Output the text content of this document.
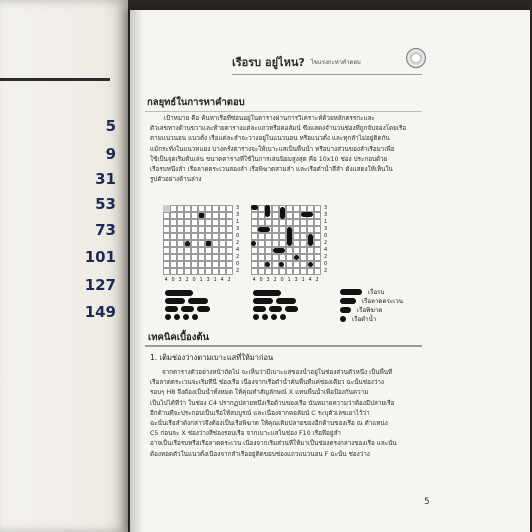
5
9
31
53
73
101
127
149
เรือรบ อยู่ไหน? ไขแรงกะหาคำตอบ
กลยุทธ์ในการหาคำตอบ
เป้าหมาย คือ ค้นหาเรือที่ซ่อนอยู่ในตารางผ่านการวิเคราะห์ด้วยหลักตรรกะและ
ตัวเลขทางด้านขวาและท้ายตารางแต่ละแถวหรือคอลัมน์ ซึ่งแสดงจำนวนช่องที่ถูกจับจองโดยเรือ
ตามแนวนอน แนวตั้ง เรือแต่ละลำจะวางอยู่ในแนวนอน หรือแนวตั้ง และทุกลำไม่อยู่ติดกัน
แม้กระทั่งในแนวทแยง บางครั้งตารางจะให้เบาะแสเป็นพื้นน้ำ หรือบางส่วนของลำเรือมาเพื่อ
ใช้เป็นจุดเริ่มต้นเล่น ขนาดตารางที่ใช้ในการเล่นนิยมสูงสุด คือ 10x10 ช่อง ประกอบด้วย
เรือรบหนึ่งลำ เรือลาดตระเวนสองลำ เรือพิฆาตสามลำ และเรือดำน้ำสี่ลำ ดังแสดงให้เห็นใน
รูปตัวอย่างด้านล่าง
3
3
1
3
0
2
4
2
0
2
4 0 3 2 0 1 3 1 4 2
3
3
1
3
0
2
4
2
0
2
4 0 3 2 0 1 3 1 4 2
เรือรบ
เรือลาดตระเวน
เรือพิฆาต
เรือดำน้ำ
เทคนิคเบื้องต้น
1. เติมช่องว่างตามเบาะแสที่ให้มาก่อน
จากตารางตัวอย่างหน้าถัดไป จะเห็นว่ามีเบาะแสของน้ำอยู่ในช่องส่วนตัวหนึ่ง เป็นพื้นที่
เรือลาดตระเวนจะเริ่มที่นี่ ช่องเรือ เนื่องจากเรือดำน้ำคันพื้นที่แค่ช่องเดียว ฉะนั้นช่องว่าง
รอบๆ H8 จึงต้องเป็นน้ำทั้งหมด ให้คุณทำสัญลักษณ์ X แทนพื้นน้ำเพื่อป้องกันความ
เป็นไปได้ที่ว่า ในช่อง C4 ปรากฏปลายหนึ่งเรือด้านของเรือ นั่นหมายความว่าต้องมีปลายเรือ
อีกด้านที่จะประกอบเป็นเรือให้สมบูรณ์ และเนื่องจากคอลัมน์ C ระบุตัวเลขเอาไว้ว่า
ฉะนั้นเรือลำดังกล่าวจึงต้องเป็นเรือพิฆาต ให้คุณเติมปลายของอีกด้านของเรือ ณ ตำแหน่ง
C5 ก่อนจะ X ช่องว่างสี่ช่องรอบเรือ จากเบาะแสในช่อง F10 เรือที่อยู่ลำ
อาจเป็นเรือรบหรือเรือลาดตระเวน เนื่องจากเริ่มส่วนที่ให้มาเป็นช่องตรงกลางของเรือ และนั่น
ต้องทอดตัวในแนวตั้งเนื่องจากลำเรืออยู่ติดขอบช่องแถวแนวนอน F ฉะนั้น ช่องว่าง
5
